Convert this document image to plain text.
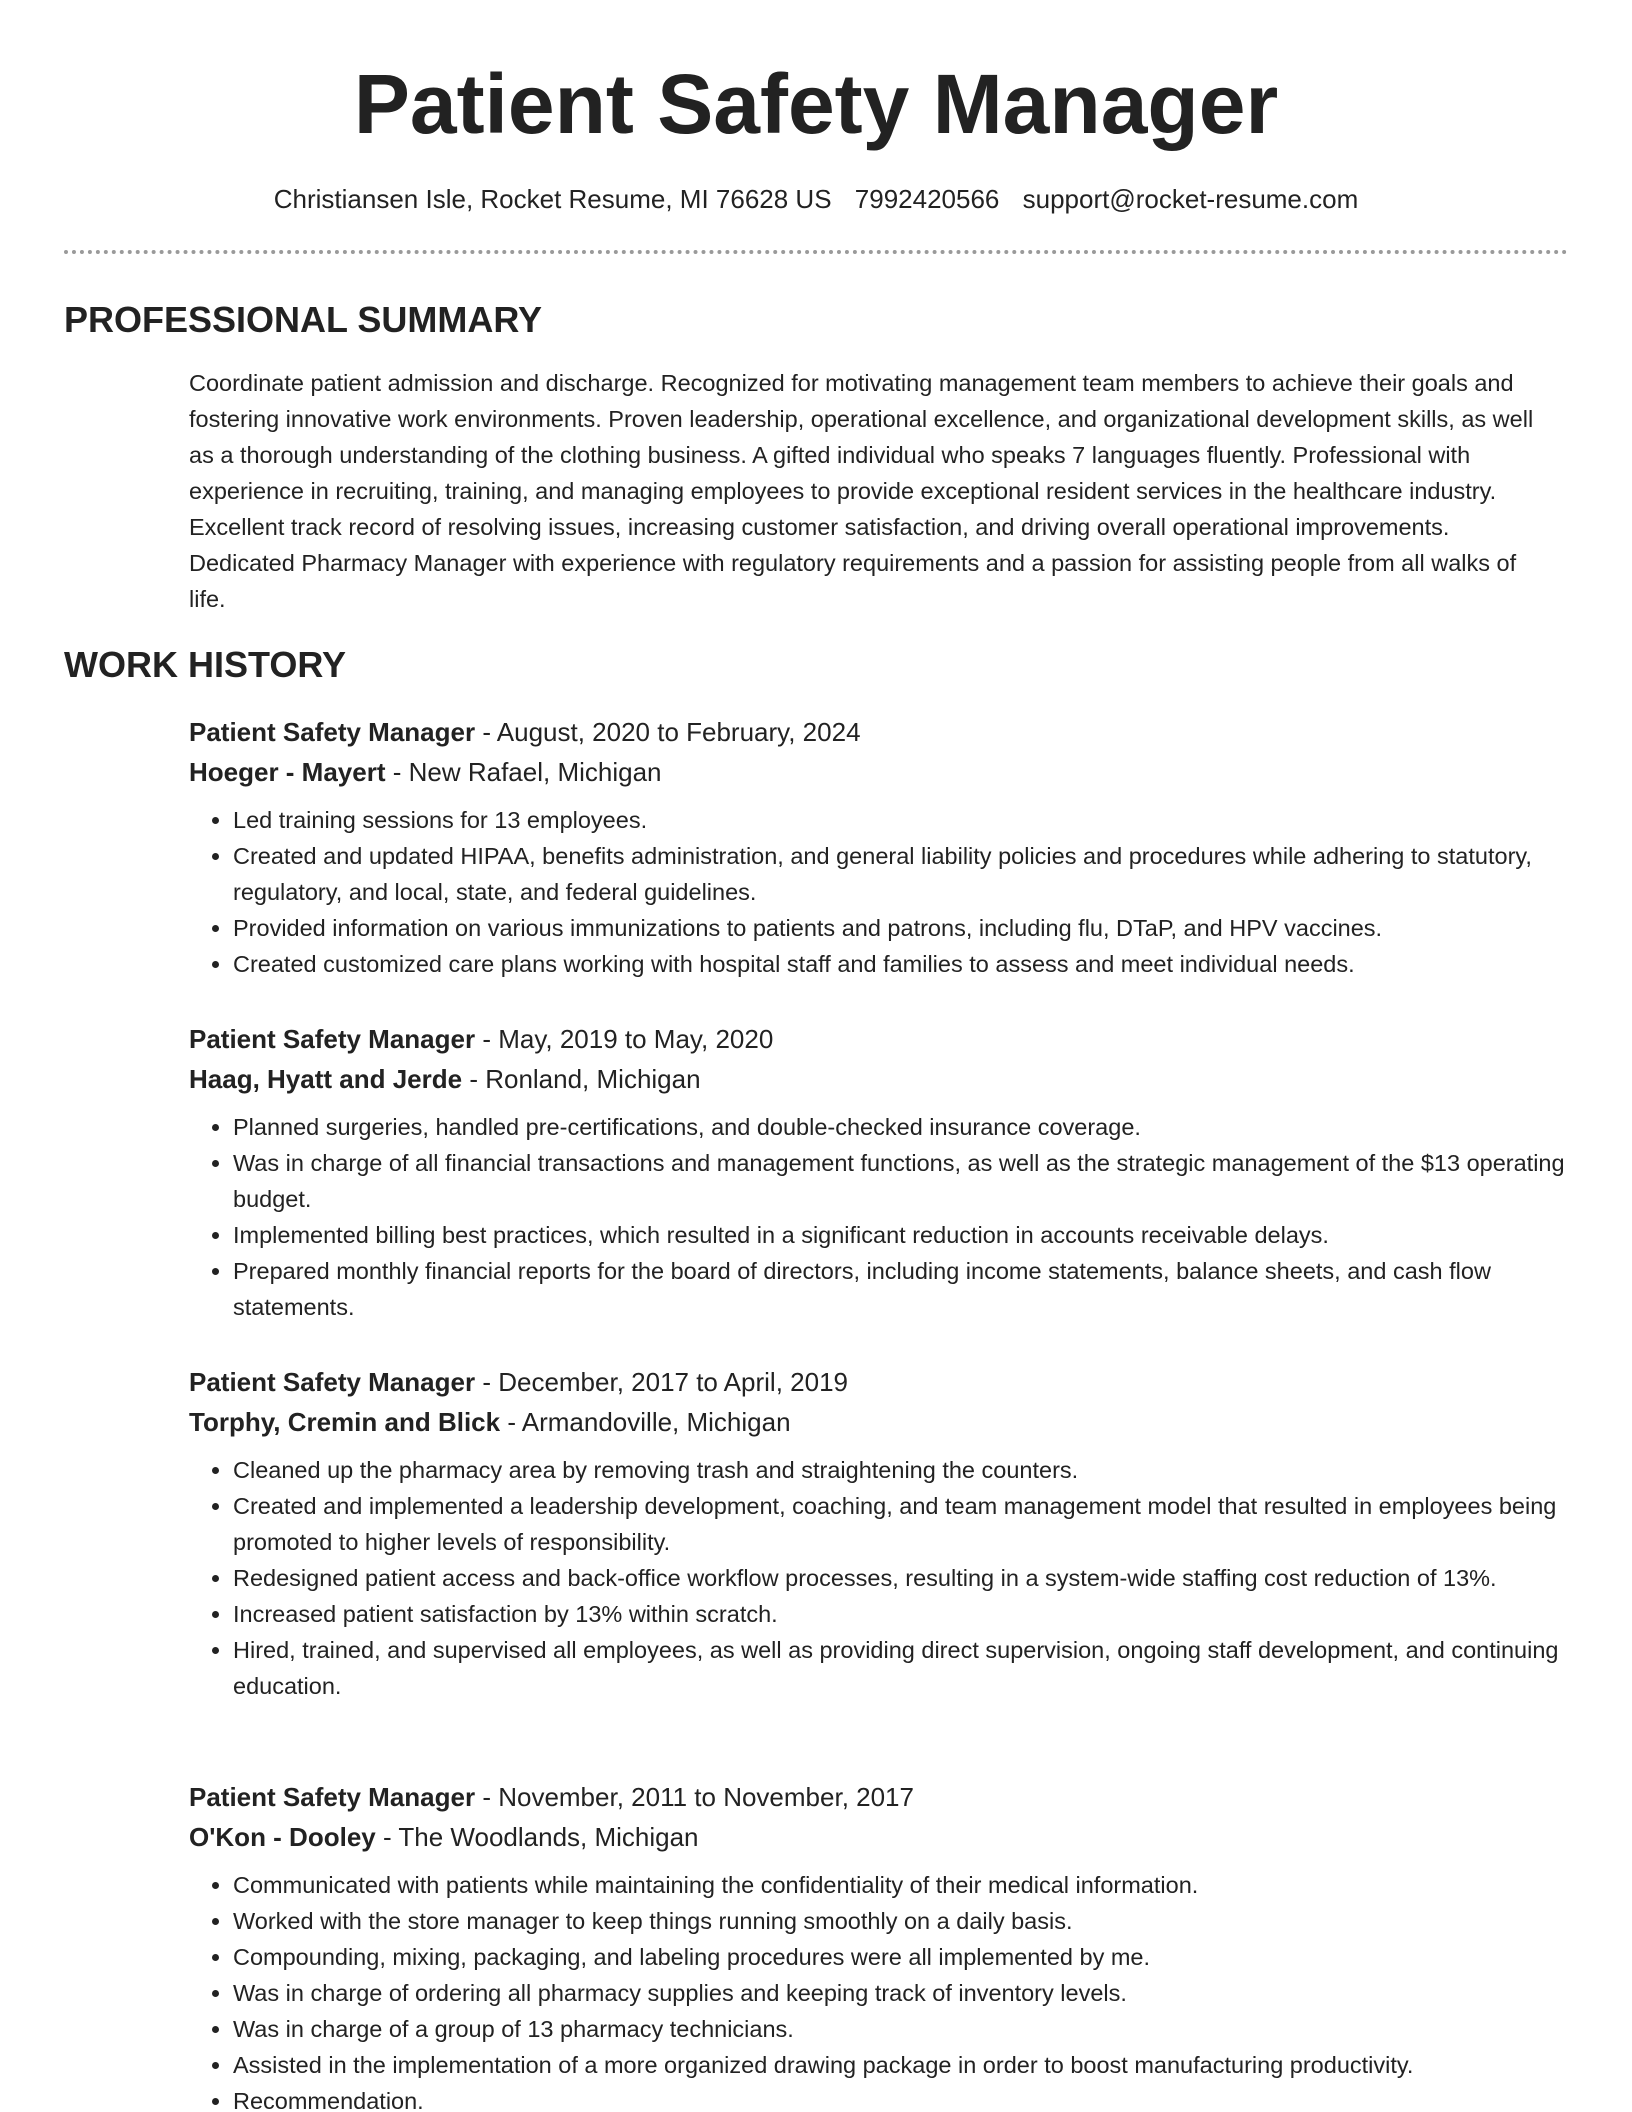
Patient Safety Manager
Christiansen Isle, Rocket Resume, MI 76628 US 7992420566 support@rocket-resume.com
PROFESSIONAL SUMMARY

Coordinate patient admission and discharge. Recognized for motivating management team members to achieve their goals and fostering innovative work environments. Proven leadership, operational excellence, and organizational development skills, as well as a thorough understanding of the clothing business. A gifted individual who speaks 7 languages fluently. Professional with experience in recruiting, training, and managing employees to provide exceptional resident services in the healthcare industry. Excellent track record of resolving issues, increasing customer satisfaction, and driving overall operational improvements. Dedicated Pharmacy Manager with experience with regulatory requirements and a passion for assisting people from all walks of life.

WORK HISTORY

Patient Safety Manager - August, 2020 to February, 2024

Hoeger - Mayert - New Rafael, Michigan

• Led training sessions for 13 employees.
• Created and updated HIPAA, benefits administration, and general liability policies and procedures while adhering to statutory, regulatory, and local, state, and federal guidelines.
• Provided information on various immunizations to patients and patrons, including flu, DTaP, and HPV vaccines.
• Created customized care plans working with hospital staff and families to assess and meet individual needs.

Patient Safety Manager - May, 2019 to May, 2020

Haag, Hyatt and Jerde - Ronland, Michigan

• Planned surgeries, handled pre-certifications, and double-checked insurance coverage.
• Was in charge of all financial transactions and management functions, as well as the strategic management of the $13 operating budget.
• Implemented billing best practices, which resulted in a significant reduction in accounts receivable delays.
• Prepared monthly financial reports for the board of directors, including income statements, balance sheets, and cash flow statements.

Patient Safety Manager - December, 2017 to April, 2019

Torphy, Cremin and Blick - Armandoville, Michigan

• Cleaned up the pharmacy area by removing trash and straightening the counters.
• Created and implemented a leadership development, coaching, and team management model that resulted in employees being promoted to higher levels of responsibility.
• Redesigned patient access and back-office workflow processes, resulting in a system-wide staffing cost reduction of 13%.
• Increased patient satisfaction by 13% within scratch.
• Hired, trained, and supervised all employees, as well as providing direct supervision, ongoing staff development, and continuing education.

Patient Safety Manager - November, 2011 to November, 2017

O'Kon - Dooley - The Woodlands, Michigan

• Communicated with patients while maintaining the confidentiality of their medical information.
• Worked with the store manager to keep things running smoothly on a daily basis.
• Compounding, mixing, packaging, and labeling procedures were all implemented by me.
• Was in charge of ordering all pharmacy supplies and keeping track of inventory levels.
• Was in charge of a group of 13 pharmacy technicians.
• Assisted in the implementation of a more organized drawing package in order to boost manufacturing productivity.
• Recommendation.
